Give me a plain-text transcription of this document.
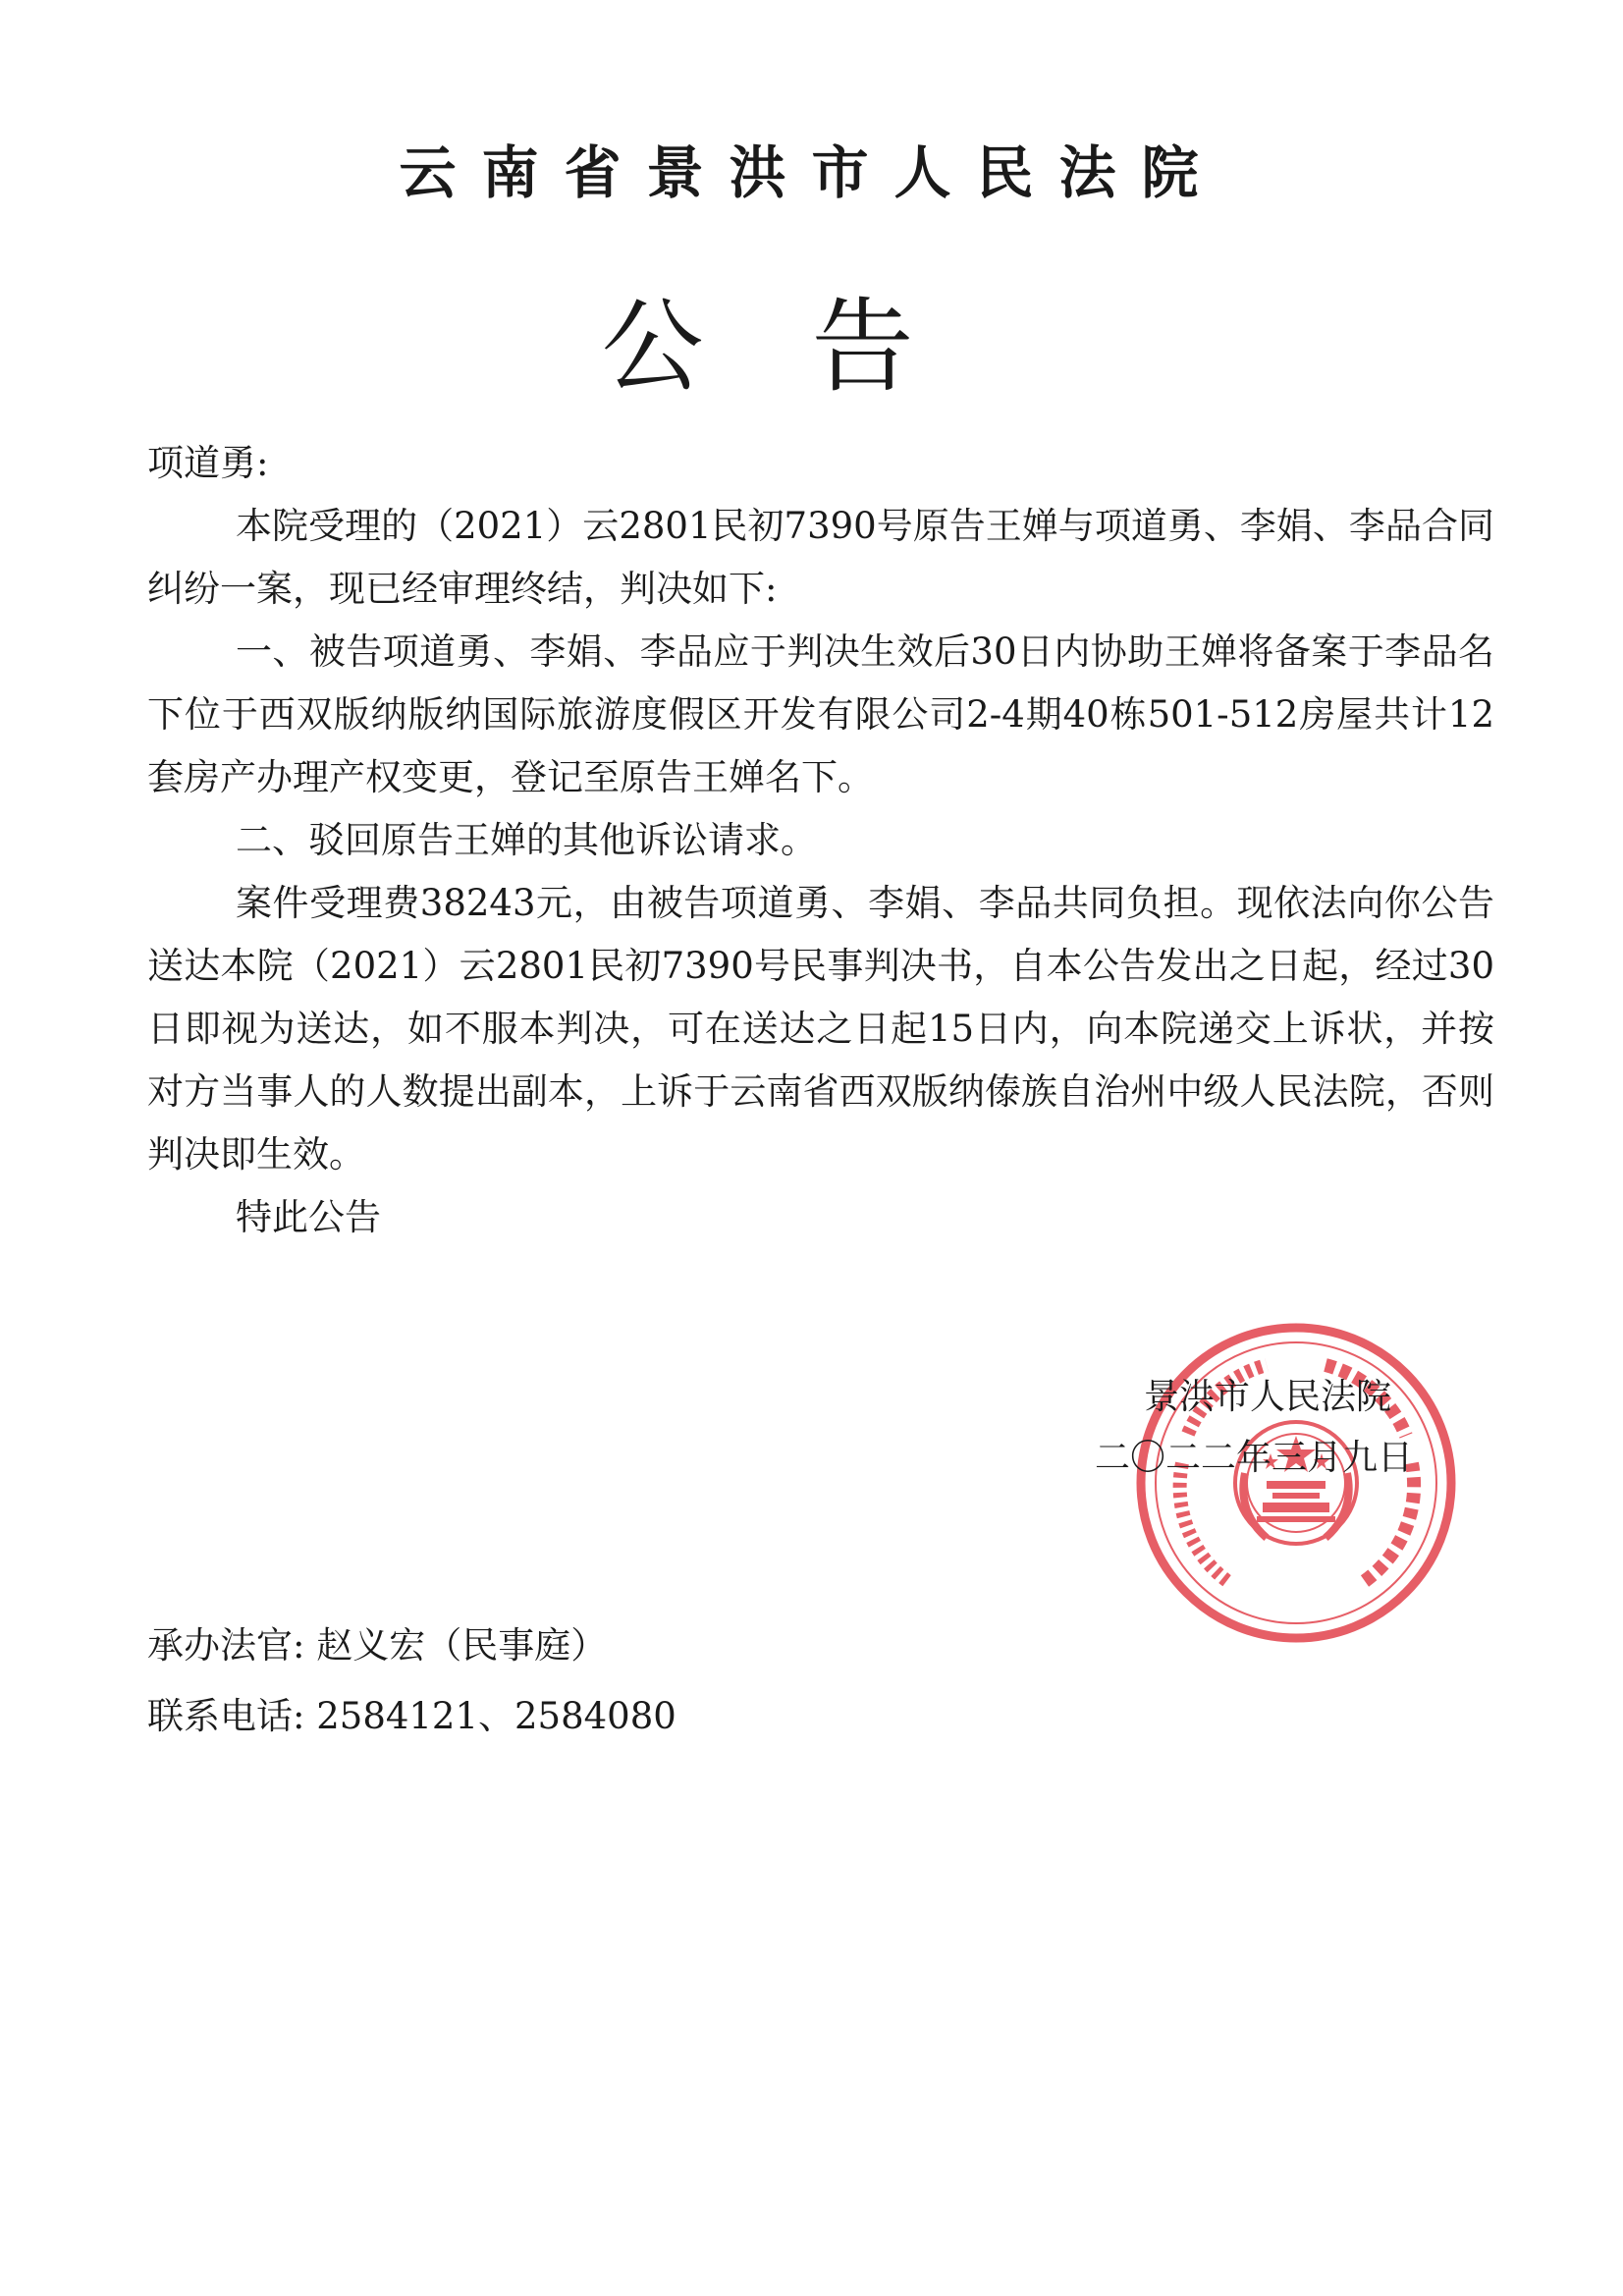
云南省景洪市人民法院
公告

项道勇:

本院受理的（2021）云2801民初7390号原告王婵与项道勇、李娟、李品合同纠纷一案，现已经审理终结，判决如下:

一、被告项道勇、李娟、李品应于判决生效后30日内协助王婵将备案于李品名下位于西双版纳版纳国际旅游度假区开发有限公司2-4期40栋501-512房屋共计12套房产办理产权变更，登记至原告王婵名下。

二、驳回原告王婵的其他诉讼请求。

案件受理费38243元，由被告项道勇、李娟、李品共同负担。现依法向你公告送达本院（2021）云2801民初7390号民事判决书，自本公告发出之日起，经过30日即视为送达，如不服本判决，可在送达之日起15日内，向本院递交上诉状，并按对方当事人的人数提出副本，上诉于云南省西双版纳傣族自治州中级人民法院，否则判决即生效。

特此公告

景洪市人民法院
二〇二二年三月九日
承办法官: 赵义宏（民事庭）
联系电话: 2584121、2584080
